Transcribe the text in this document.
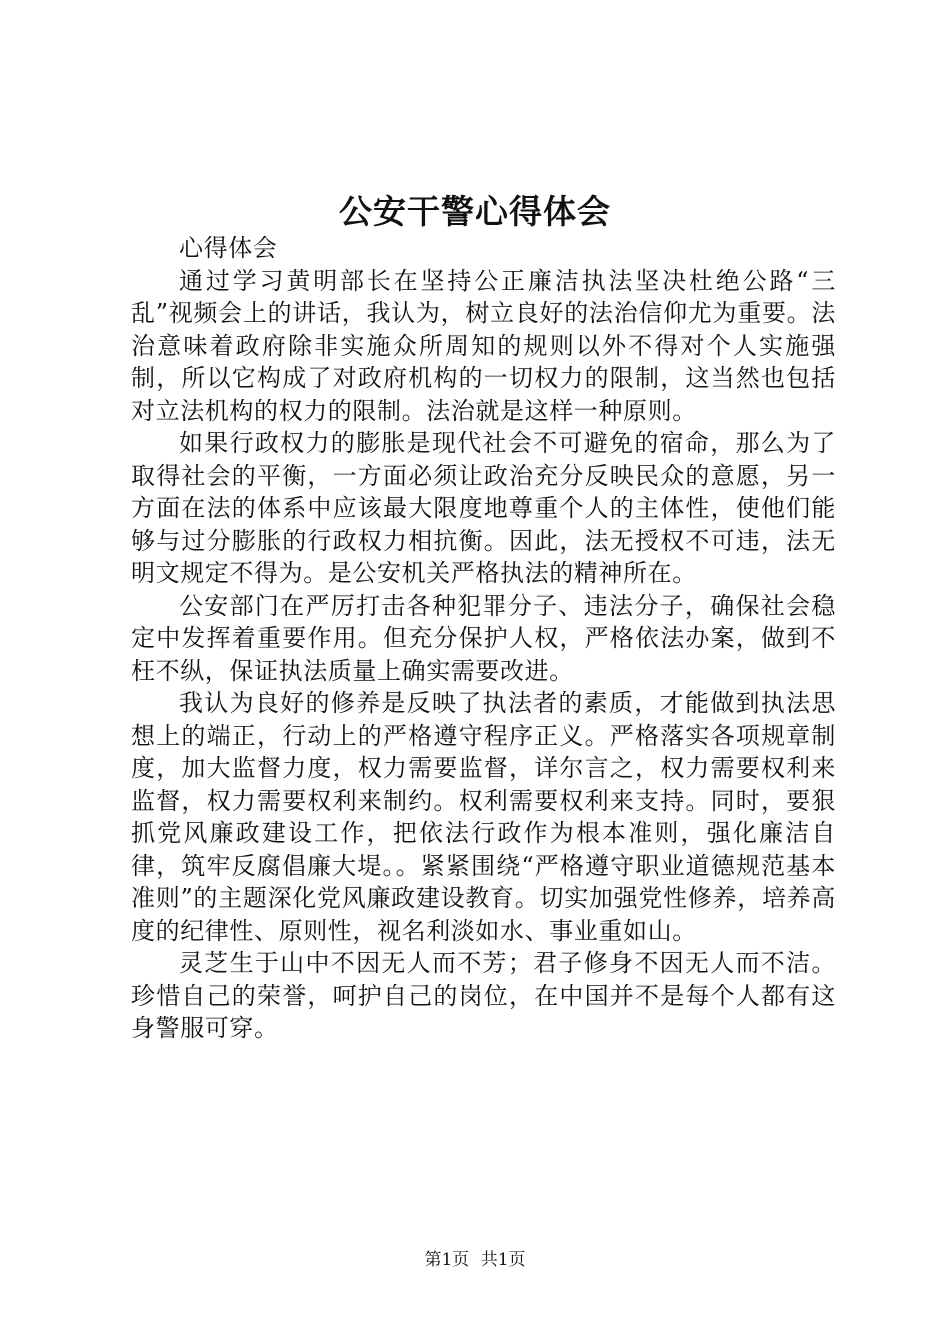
公安干警心得体会

心得体会

通过学习黄明部长在坚持公正廉洁执法坚决杜绝公路“三乱”视频会上的讲话，我认为，树立良好的法治信仰尤为重要。法治意味着政府除非实施众所周知的规则以外不得对个人实施强制，所以它构成了对政府机构的一切权力的限制，这当然也包括对立法机构的权力的限制。法治就是这样一种原则。

如果行政权力的膨胀是现代社会不可避免的宿命，那么为了取得社会的平衡，一方面必须让政治充分反映民众的意愿，另一方面在法的体系中应该最大限度地尊重个人的主体性，使他们能够与过分膨胀的行政权力相抗衡。因此，法无授权不可违，法无明文规定不得为。是公安机关严格执法的精神所在。

公安部门在严厉打击各种犯罪分子、违法分子，确保社会稳定中发挥着重要作用。但充分保护人权，严格依法办案，做到不枉不纵，保证执法质量上确实需要改进。

我认为良好的修养是反映了执法者的素质，才能做到执法思想上的端正，行动上的严格遵守程序正义。严格落实各项规章制度，加大监督力度，权力需要监督，详尔言之，权力需要权利来监督，权力需要权利来制约。权利需要权利来支持。同时，要狠抓党风廉政建设工作，把依法行政作为根本准则，强化廉洁自律，筑牢反腐倡廉大堤。。紧紧围绕“严格遵守职业道德规范基本准则”的主题深化党风廉政建设教育。切实加强党性修养，培养高度的纪律性、原则性，视名利淡如水、事业重如山。

灵芝生于山中不因无人而不芳；君子修身不因无人而不洁。珍惜自己的荣誉，呵护自己的岗位，在中国并不是每个人都有这身警服可穿。

第1页 共1页
